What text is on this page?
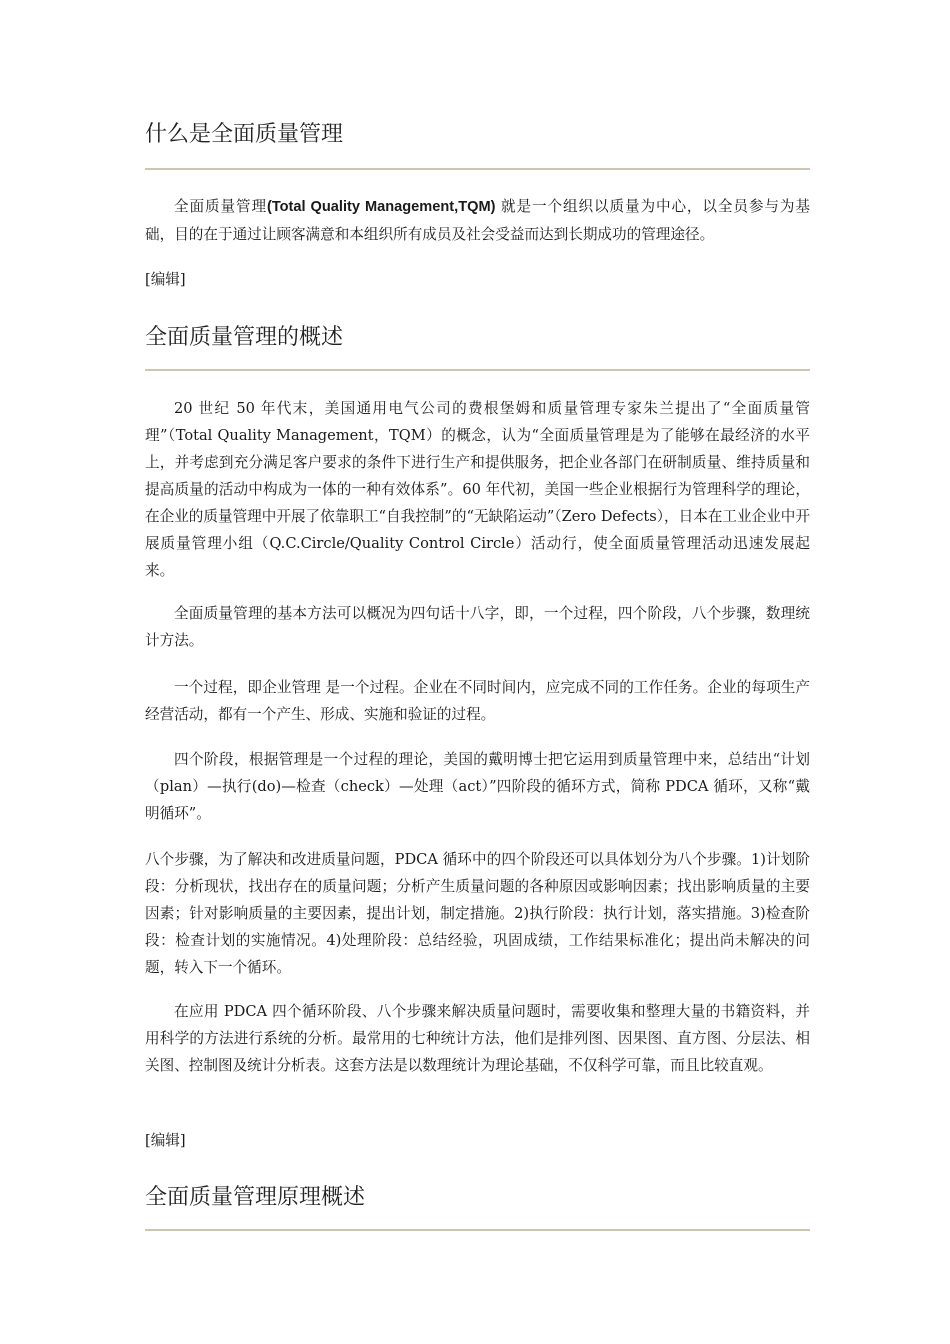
什么是全面质量管理

全面质量管理(Total Quality Management,TQM) 就是一个组织以质量为中心，以全员参与为基础，目的在于通过让顾客满意和本组织所有成员及社会受益而达到长期成功的管理途径。

[编辑]
全面质量管理的概述

20 世纪 50 年代末，美国通用电气公司的费根堡姆和质量管理专家朱兰提出了“全面质量管理”（Total Quality Management，TQM）的概念，认为“全面质量管理是为了能够在最经济的水平上，并考虑到充分满足客户要求的条件下进行生产和提供服务，把企业各部门在研制质量、维持质量和提高质量的活动中构成为一体的一种有效体系”。60 年代初，美国一些企业根据行为管理科学的理论，在企业的质量管理中开展了依靠职工“自我控制”的“无缺陷运动”（Zero Defects），日本在工业企业中开展质量管理小组（Q.C.Circle/Quality Control Circle）活动行，使全面质量管理活动迅速发展起来。

全面质量管理的基本方法可以概况为四句话十八字，即，一个过程，四个阶段，八个步骤，数理统计方法。

一个过程，即企业管理 是一个过程。企业在不同时间内，应完成不同的工作任务。企业的每项生产经营活动，都有一个产生、形成、实施和验证的过程。

四个阶段，根据管理是一个过程的理论，美国的戴明博士把它运用到质量管理中来，总结出“计划（plan）—执行(do)—检查（check）—处理（act）”四阶段的循环方式，简称 PDCA 循环，又称“戴明循环”。

八个步骤，为了解决和改进质量问题，PDCA 循环中的四个阶段还可以具体划分为八个步骤。1)计划阶段：分析现状，找出存在的质量问题；分析产生质量问题的各种原因或影响因素；找出影响质量的主要因素；针对影响质量的主要因素，提出计划，制定措施。2)执行阶段：执行计划，落实措施。3)检查阶段：检查计划的实施情况。4)处理阶段：总结经验，巩固成绩，工作结果标准化；提出尚未解决的问题，转入下一个循环。

在应用 PDCA 四个循环阶段、八个步骤来解决质量问题时，需要收集和整理大量的书籍资料，并用科学的方法进行系统的分析。最常用的七种统计方法，他们是排列图、因果图、直方图、分层法、相关图、控制图及统计分析表。这套方法是以数理统计为理论基础，不仅科学可靠，而且比较直观。

[编辑]
全面质量管理原理概述
